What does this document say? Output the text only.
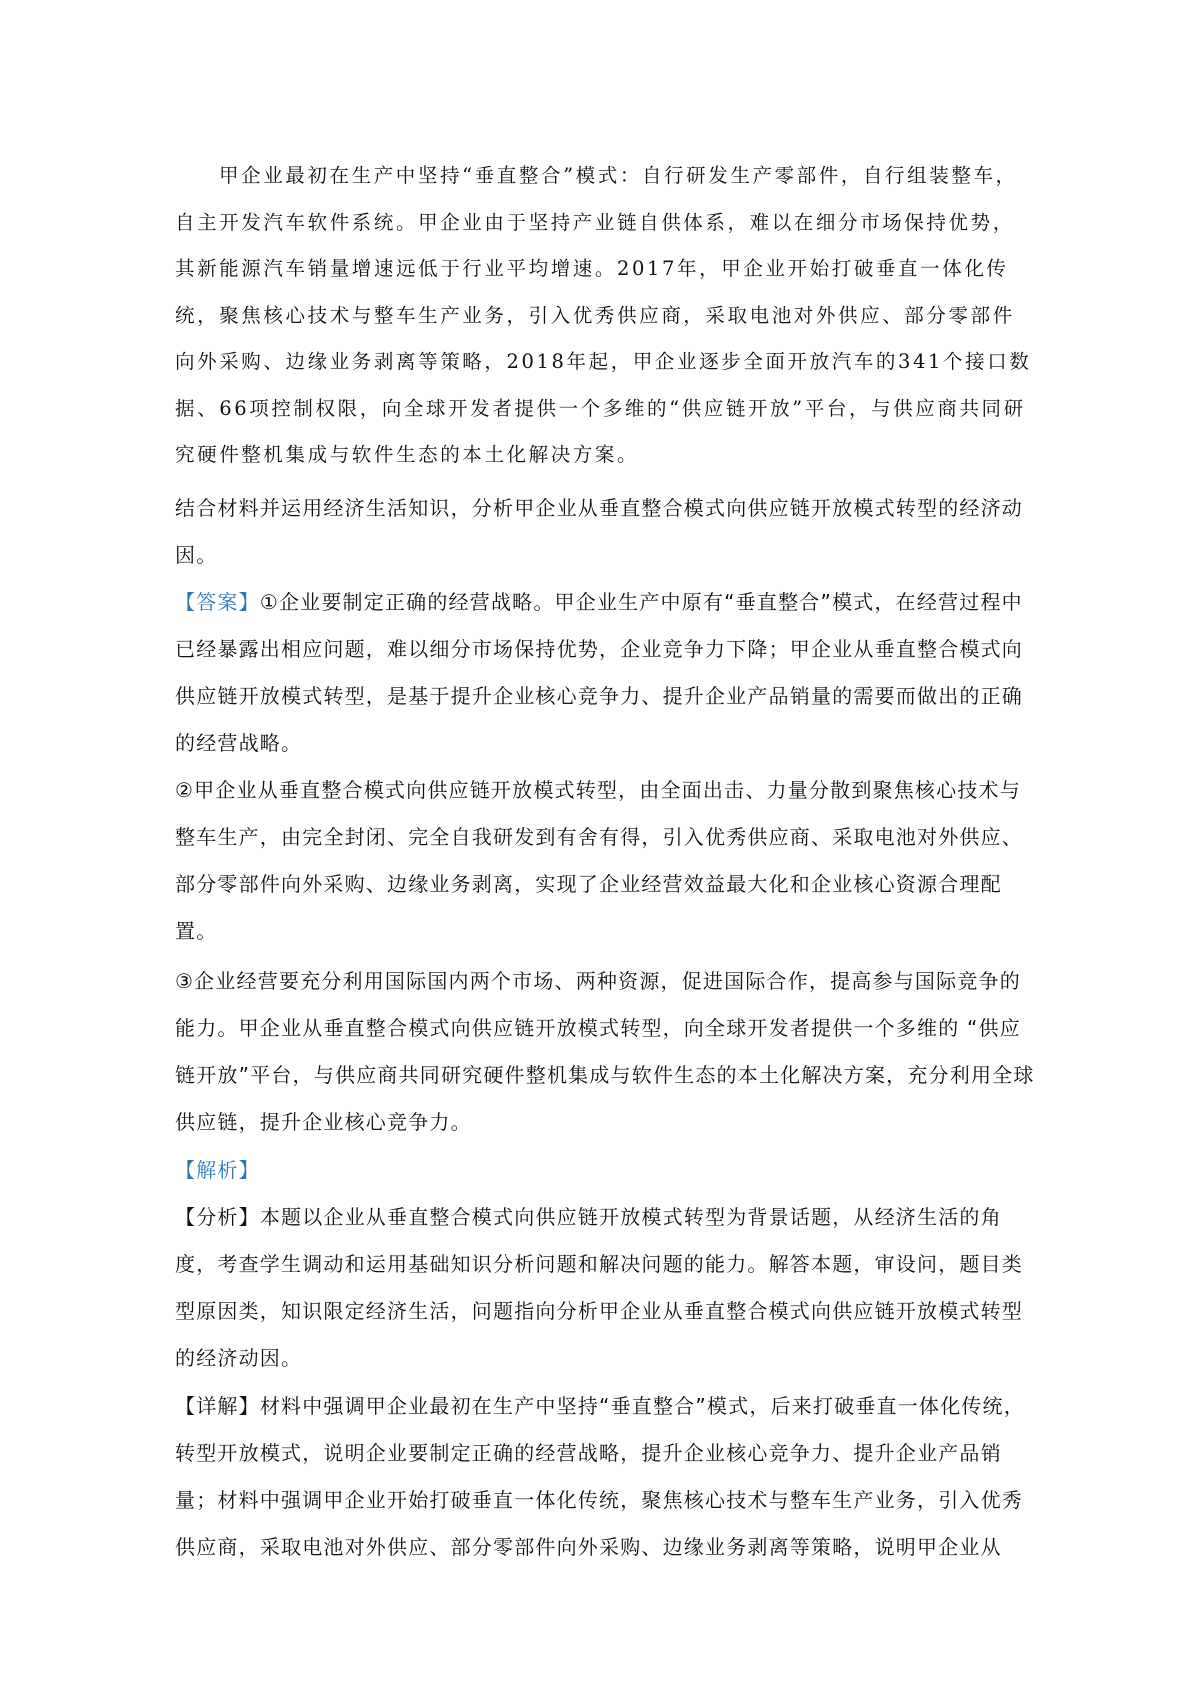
甲企业最初在生产中坚持“垂直整合”模式：自行研发生产零部件，自行组装整车，自主开发汽车软件系统。甲企业由于坚持产业链自供体系，难以在细分市场保持优势，其新能源汽车销量增速远低于行业平均增速。2017年，甲企业开始打破垂直一体化传统，聚焦核心技术与整车生产业务，引入优秀供应商，采取电池对外供应、部分零部件向外采购、边缘业务剥离等策略，2018年起，甲企业逐步全面开放汽车的341个接口数据、66项控制权限，向全球开发者提供一个多维的“供应链开放”平台，与供应商共同研究硬件整机集成与软件生态的本土化解决方案。

结合材料并运用经济生活知识，分析甲企业从垂直整合模式向供应链开放模式转型的经济动因。

【答案】①企业要制定正确的经营战略。甲企业生产中原有“垂直整合”模式，在经营过程中已经暴露出相应问题，难以细分市场保持优势，企业竞争力下降；甲企业从垂直整合模式向供应链开放模式转型，是基于提升企业核心竞争力、提升企业产品销量的需要而做出的正确的经营战略。

②甲企业从垂直整合模式向供应链开放模式转型，由全面出击、力量分散到聚焦核心技术与整车生产，由完全封闭、完全自我研发到有舍有得，引入优秀供应商、采取电池对外供应、部分零部件向外采购、边缘业务剥离，实现了企业经营效益最大化和企业核心资源合理配置。

③企业经营要充分利用国际国内两个市场、两种资源，促进国际合作，提高参与国际竞争的能力。甲企业从垂直整合模式向供应链开放模式转型，向全球开发者提供一个多维的 “供应链开放”平台，与供应商共同研究硬件整机集成与软件生态的本土化解决方案，充分利用全球供应链，提升企业核心竞争力。

【解析】

【分析】本题以企业从垂直整合模式向供应链开放模式转型为背景话题，从经济生活的角度，考查学生调动和运用基础知识分析问题和解决问题的能力。解答本题，审设问，题目类型原因类，知识限定经济生活，问题指向分析甲企业从垂直整合模式向供应链开放模式转型的经济动因。

【详解】材料中强调甲企业最初在生产中坚持“垂直整合”模式，后来打破垂直一体化传统，转型开放模式，说明企业要制定正确的经营战略，提升企业核心竞争力、提升企业产品销量；材料中强调甲企业开始打破垂直一体化传统，聚焦核心技术与整车生产业务，引入优秀供应商，采取电池对外供应、部分零部件向外采购、边缘业务剥离等策略，说明甲企业从
